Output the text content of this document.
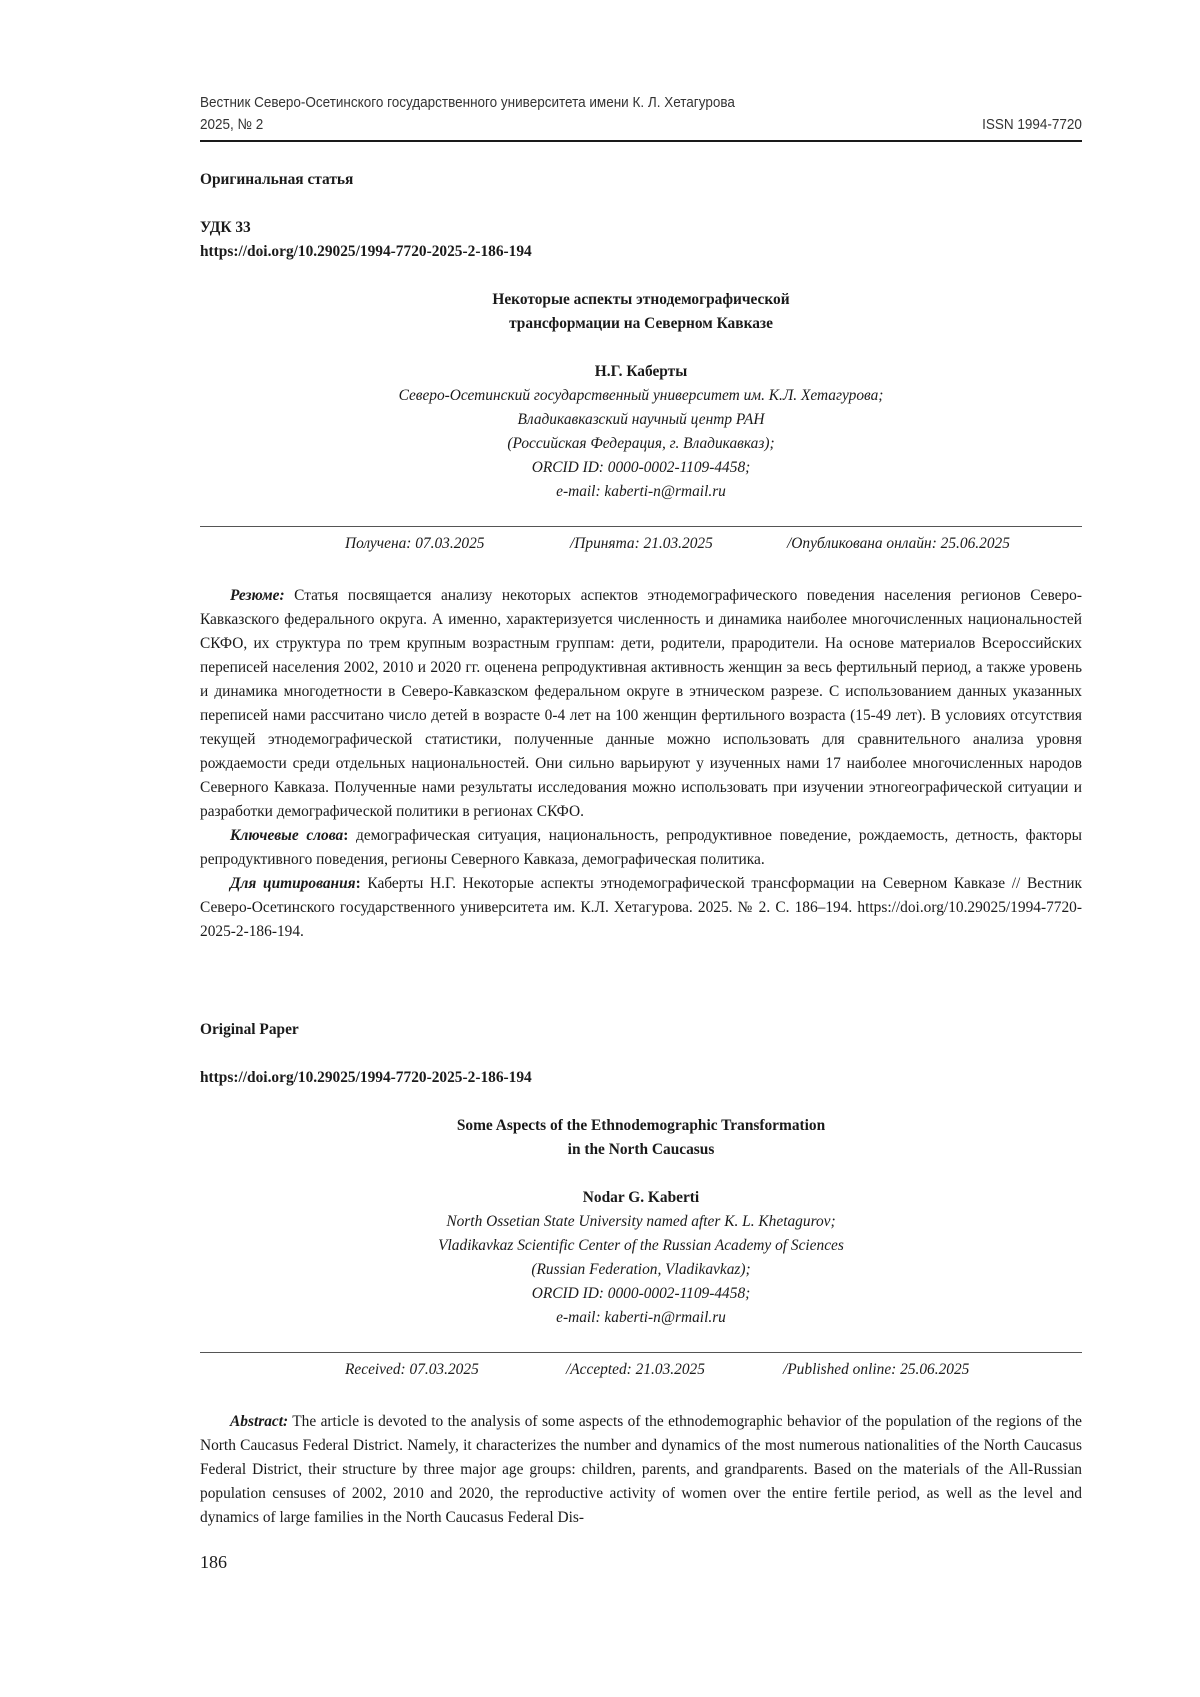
Вестник Северо-Осетинского государственного университета имени К. Л. Хетагурова
2025, № 2	ISSN 1994-7720
Оригинальная статья
УДК 33
https://doi.org/10.29025/1994-7720-2025-2-186-194
Некоторые аспекты этнодемографической
трансформации на Северном Кавказе
Н.Г. Каберты
Северо-Осетинский государственный университет им. К.Л. Хетагурова;
Владикавказский научный центр РАН
(Российская Федерация, г. Владикавказ);
ORCID ID: 0000-0002-1109-4458;
e-mail: kaberti-n@rmail.ru
Получена: 07.03.2025	/Принята: 21.03.2025	/Опубликована онлайн: 25.06.2025

Резюме: Статья посвящается анализу некоторых аспектов этнодемографического поведения населения регионов Северо-Кавказского федерального округа. А именно, характеризуется численность и динамика наиболее многочисленных национальностей СКФО, их структура по трем крупным возрастным группам: дети, родители, прародители. На основе материалов Всероссийских переписей населения 2002, 2010 и 2020 гг. оценена репродуктивная активность женщин за весь фертильный период, а также уровень и динамика многодетности в Северо-Кавказском федеральном округе в этническом разрезе. С использованием данных указанных переписей нами рассчитано число детей в возрасте 0-4 лет на 100 женщин фертильного возраста (15-49 лет). В условиях отсутствия текущей этнодемографической статистики, полученные данные можно использовать для сравнительного анализа уровня рождаемости среди отдельных национальностей. Они сильно варьируют у изученных нами 17 наиболее многочисленных народов Северного Кавказа. Полученные нами результаты исследования можно использовать при изучении этногеографической ситуации и разработки демографической политики в регионах СКФО.

Ключевые слова: демографическая ситуация, национальность, репродуктивное поведение, рождаемость, детность, факторы репродуктивного поведения, регионы Северного Кавказа, демографическая политика.

Для цитирования: Каберты Н.Г. Некоторые аспекты этнодемографической трансформации на Северном Кавказе // Вестник Северо-Осетинского государственного университета им. К.Л. Хетагурова. 2025. № 2. С. 186–194. https://doi.org/10.29025/1994-7720-2025-2-186-194.

Original Paper
https://doi.org/10.29025/1994-7720-2025-2-186-194
Some Aspects of the Ethnodemographic Transformation
in the North Caucasus
Nodar G. Kaberti
North Ossetian State University named after K. L. Khetagurov;
Vladikavkaz Scientific Center of the Russian Academy of Sciences
(Russian Federation, Vladikavkaz);
ORCID ID: 0000-0002-1109-4458;
e-mail: kaberti-n@rmail.ru
Received: 07.03.2025	/Accepted: 21.03.2025	/Published online: 25.06.2025

Abstract: The article is devoted to the analysis of some aspects of the ethnodemographic behavior of the population of the regions of the North Caucasus Federal District. Namely, it characterizes the number and dynamics of the most numerous nationalities of the North Caucasus Federal District, their structure by three major age groups: children, parents, and grandparents. Based on the materials of the All-Russian population censuses of 2002, 2010 and 2020, the reproductive activity of women over the entire fertile period, as well as the level and dynamics of large families in the North Caucasus Federal Dis-

186
